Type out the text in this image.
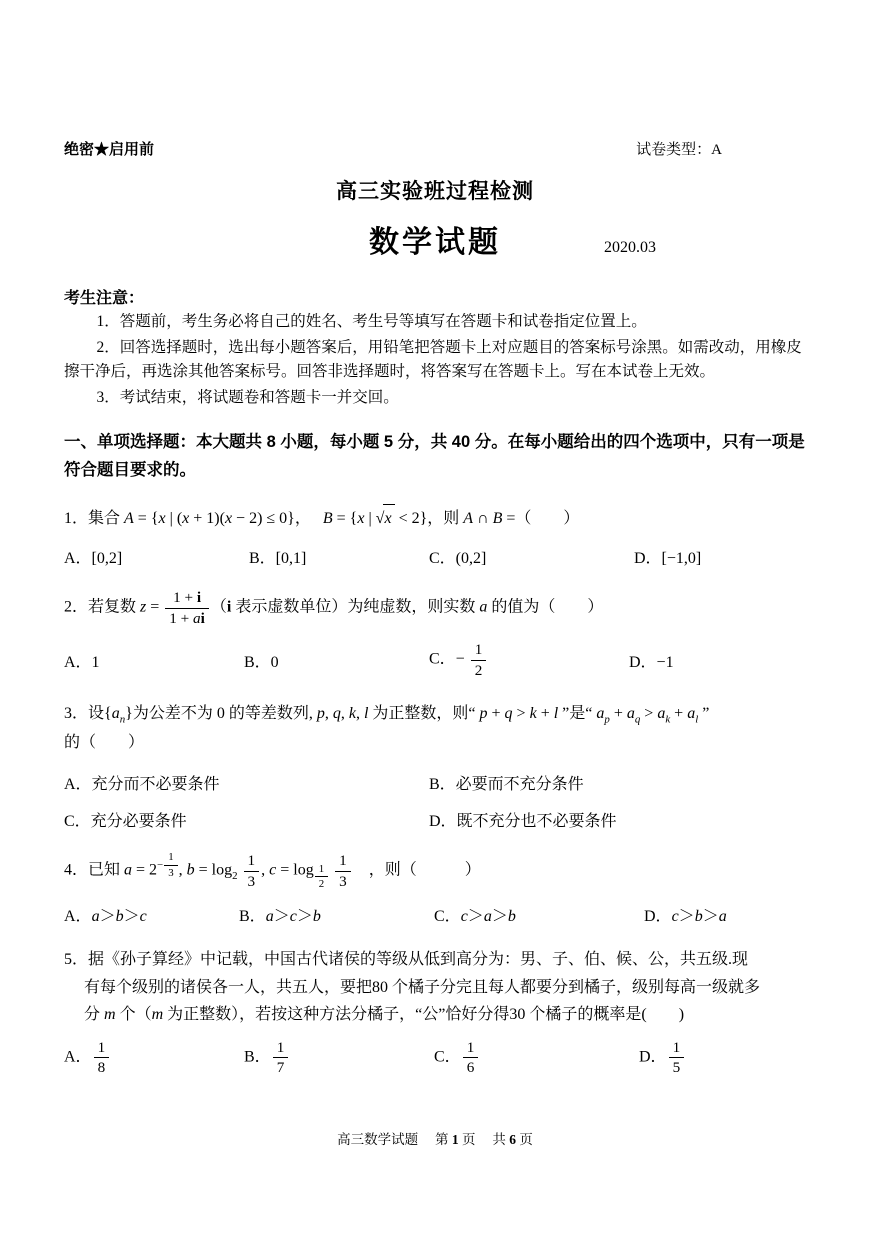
绝密★启用前	试卷类型：A
高三实验班过程检测
数学试题	2020.03
考生注意：
1．答题前，考生务必将自己的姓名、考生号等填写在答题卡和试卷指定位置上。
2．回答选择题时，选出每小题答案后，用铅笔把答题卡上对应题目的答案标号涂黑。如需改动，用橡皮擦干净后，再选涂其他答案标号。回答非选择题时，将答案写在答题卡上。写在本试卷上无效。
3．考试结束，将试题卷和答题卡一并交回。
一、单项选择题：本大题共 8 小题，每小题 5 分，共 40 分。在每小题给出的四个选项中，只有一项是符合题目要求的。
1．集合 A = {x | (x + 1)(x − 2) ≤ 0}，　 B = {x | √x < 2}，则 A ∩ B =（　　）
A．[0,2]	B．[0,1]	C．(0,2]	D．[−1,0]
2．若复数 $z = \frac{1 + i}{1 + ai} (i$ 表示虚数单位）为纯虚数，则实数 a 的值为（　　）
A．1	B．0	C．− $\frac{1}{2}$	D．−1
3．设$\{a_n\}$为公差不为 0 的等差数列, p, q, k, l 为正整数，则“ p + q > k + l ”是“ $a_p + a_q > a_k + a_l$ ”
的（　　）
A．充分而不必要条件	B．必要而不充分条件
C．充分必要条件	D．既不充分也不必要条件
4．已知 $a = 2^{- \frac{1}{3}}$ , $b = \log_2 \frac{1}{3}$ , c = log $_{\frac{1}{2}}$
$\frac{1}{3}$ 　，则（　　　）
A．a＞b＞c	B．a＞c＞b	C．c＞a＞b	D．c＞b＞a
5．据《孙子算经》中记载，中国古代诸侯的等级从低到高分为：男、子、伯、候、公，共五级.现
有每个级别的诸侯各一人，共五人，要把80 个橘子分完且每人都要分到橘子，级别每高一级就多
分 m 个（m 为正整数），若按这种方法分橘子，“公”恰好分得30 个橘子的概率是(　　)
A． $\frac{1}{8}$	B． $\frac{1}{7}$	C． $\frac{1}{6}$	D． $\frac{1}{5}$
高三数学试题　 第 1 页　 共 6 页
